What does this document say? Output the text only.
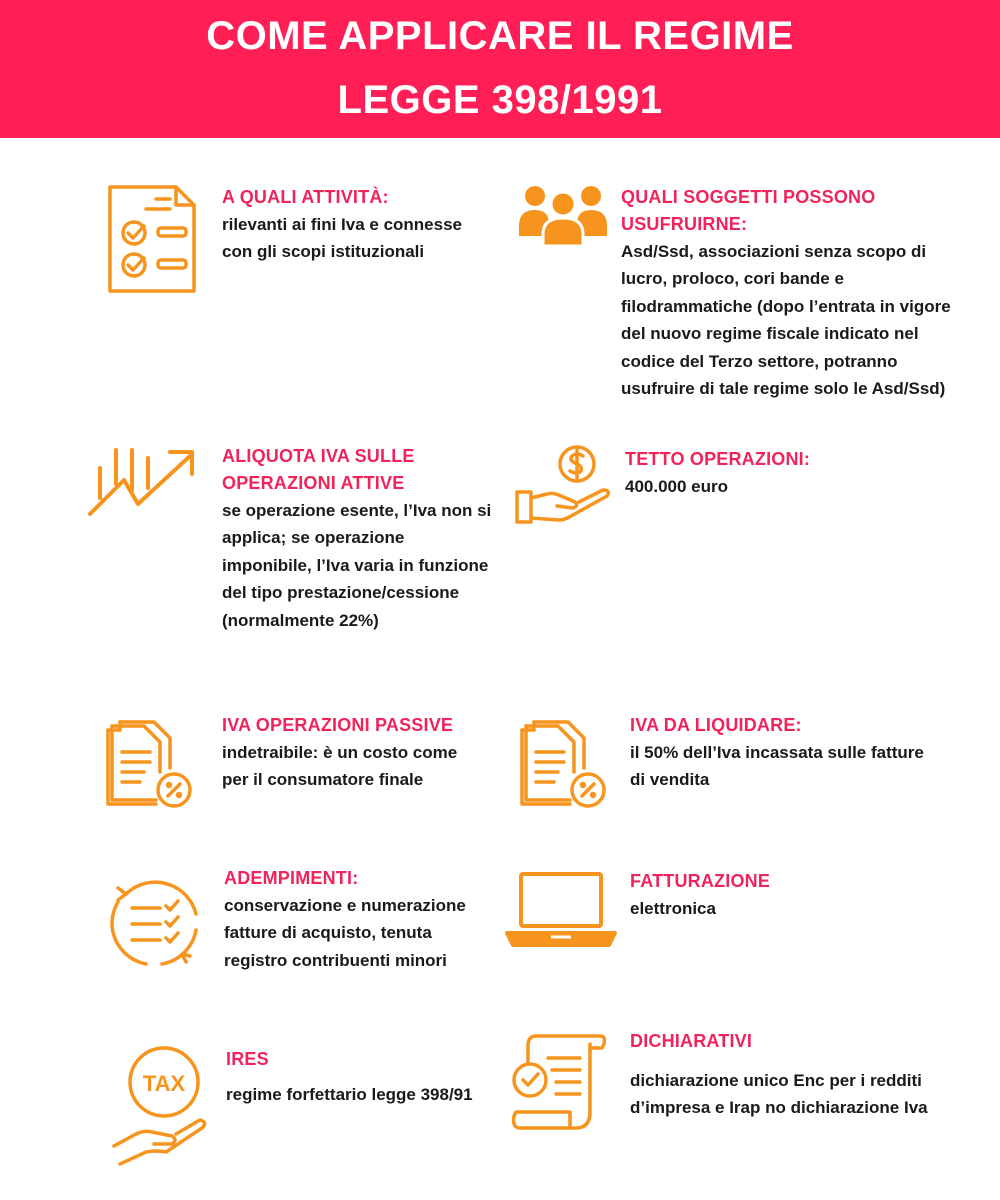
COME APPLICARE IL REGIME
LEGGE 398/1991
A QUALI ATTIVITÀ:
rilevanti ai fini Iva e connesse con gli scopi istituzionali
QUALI SOGGETTI POSSONO USUFRUIRNE:
Asd/Ssd, associazioni senza scopo di lucro, proloco, cori bande e filodrammatiche (dopo l’entrata in vigore del nuovo regime fiscale indicato nel codice del Terzo settore, potranno usufruire di tale regime solo le Asd/Ssd)
ALIQUOTA IVA SULLE OPERAZIONI ATTIVE
se operazione esente, l’Iva non si applica; se operazione imponibile, l’Iva varia in funzione del tipo prestazione/cessione (normalmente 22%)
TETTO OPERAZIONI:
400.000 euro
IVA OPERAZIONI PASSIVE
indetraibile: è un costo come per il consumatore finale
IVA DA LIQUIDARE:
il 50% dell’Iva incassata sulle fatture di vendita
ADEMPIMENTI:
conservazione e numerazione fatture di acquisto, tenuta registro contribuenti minori
FATTURAZIONE
elettronica
TAX
IRES
regime forfettario legge 398/91
DICHIARATIVI
dichiarazione unico Enc per i redditi d’impresa e Irap no dichiarazione Iva
